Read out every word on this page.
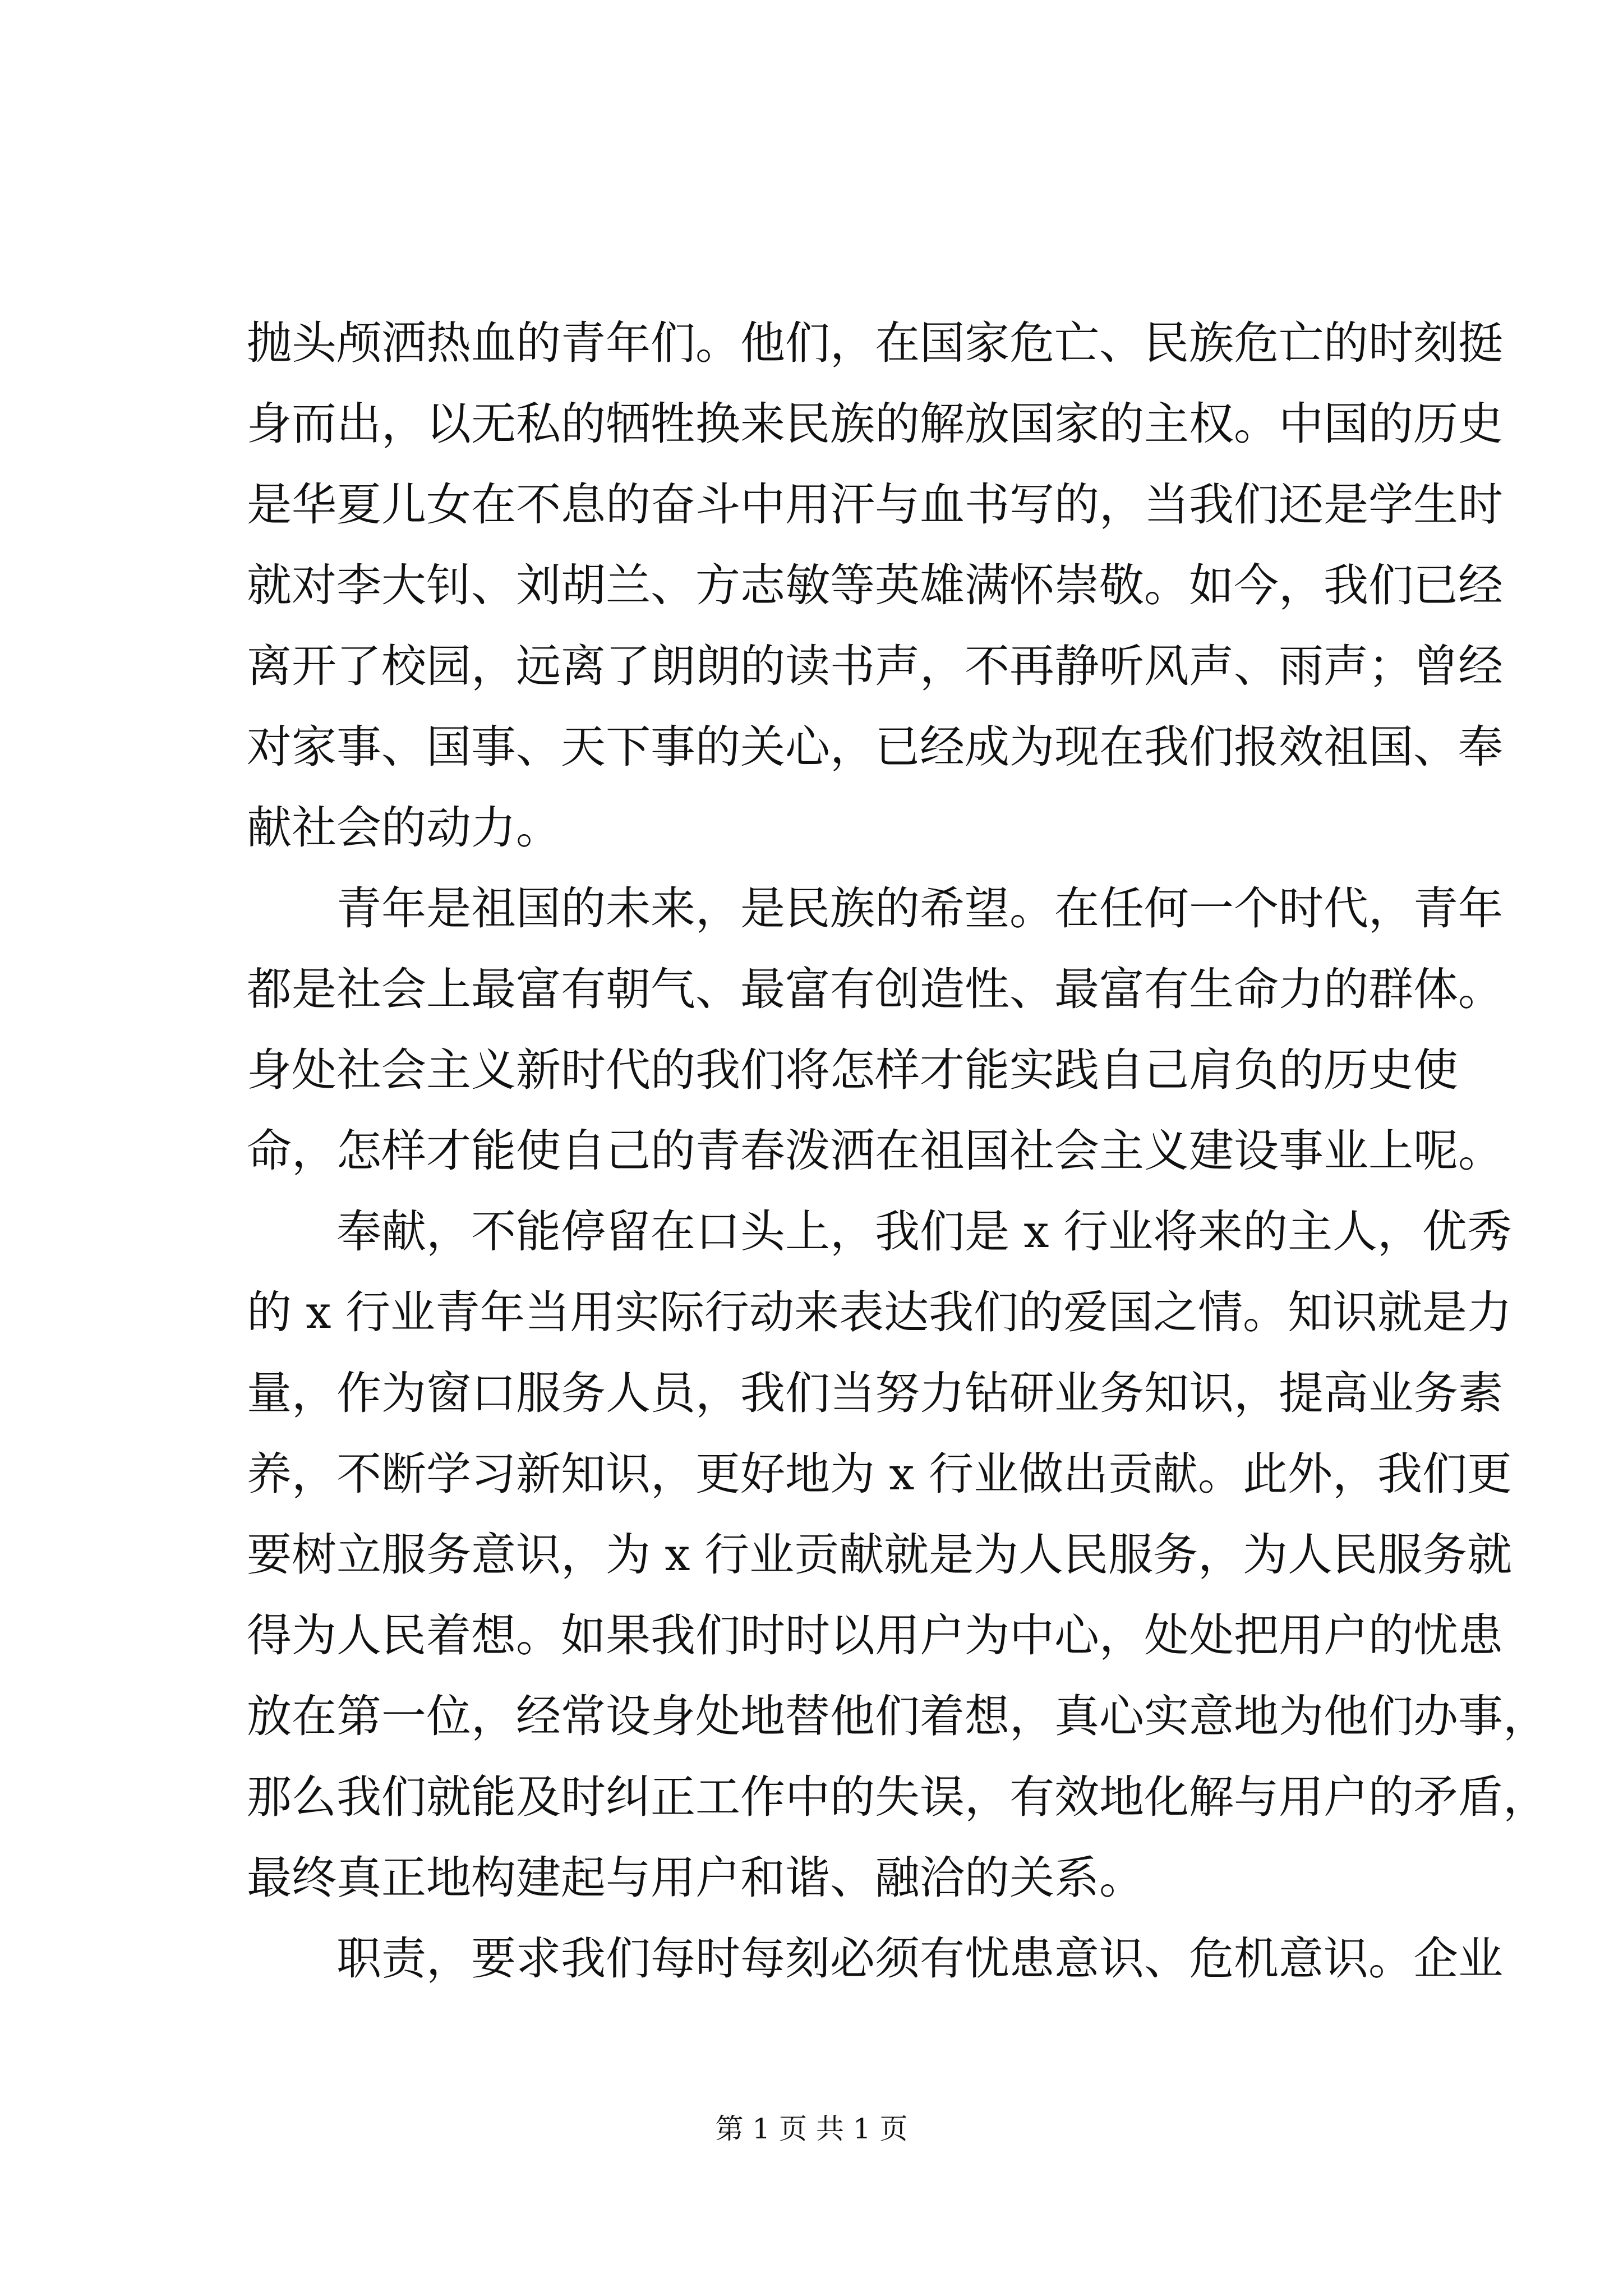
抛头颅洒热血的青年们。他们，在国家危亡、民族危亡的时刻挺
身而出，以无私的牺牲换来民族的解放国家的主权。中国的历史
是华夏儿女在不息的奋斗中用汗与血书写的，当我们还是学生时
就对李大钊、刘胡兰、方志敏等英雄满怀崇敬。如今，我们已经
离开了校园，远离了朗朗的读书声，不再静听风声、雨声；曾经
对家事、国事、天下事的关心，已经成为现在我们报效祖国、奉
献社会的动力。

青年是祖国的未来，是民族的希望。在任何一个时代，青年
都是社会上最富有朝气、最富有创造性、最富有生命力的群体。
身处社会主义新时代的我们将怎样才能实践自己肩负的历史使
命，怎样才能使自己的青春泼洒在祖国社会主义建设事业上呢。

奉献，不能停留在口头上，我们是 x 行业将来的主人，优秀
的 x 行业青年当用实际行动来表达我们的爱国之情。知识就是力
量，作为窗口服务人员，我们当努力钻研业务知识，提高业务素
养，不断学习新知识，更好地为 x 行业做出贡献。此外，我们更
要树立服务意识，为 x 行业贡献就是为人民服务，为人民服务就
得为人民着想。如果我们时时以用户为中心，处处把用户的忧患
放在第一位，经常设身处地替他们着想，真心实意地为他们办事，
那么我们就能及时纠正工作中的失误，有效地化解与用户的矛盾，
最终真正地构建起与用户和谐、融洽的关系。

职责，要求我们每时每刻必须有忧患意识、危机意识。企业

第 1 页 共 1 页
